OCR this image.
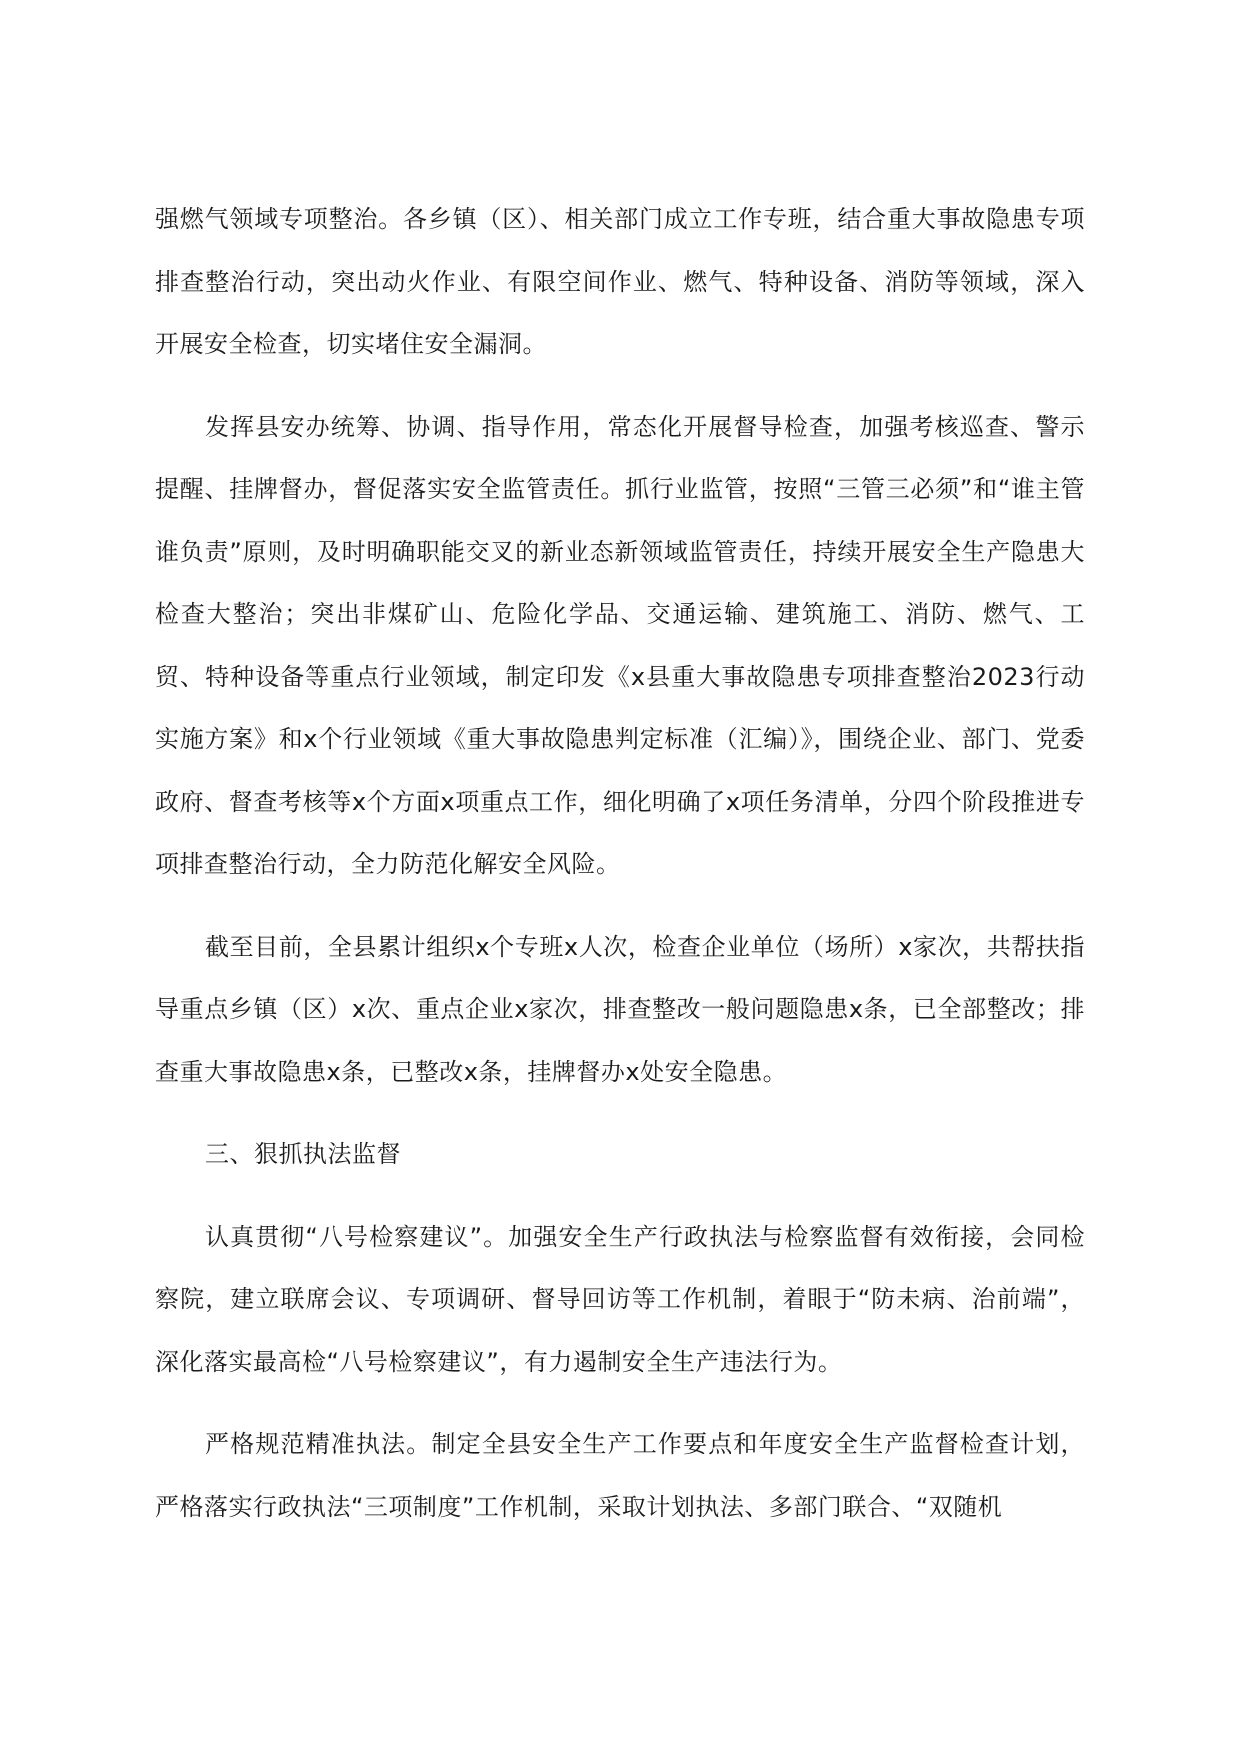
强燃气领域专项整治。各乡镇（区）、相关部门成立工作专班，结合重大事故隐患专项排查整治行动，突出动火作业、有限空间作业、燃气、特种设备、消防等领域，深入开展安全检查，切实堵住安全漏洞。

发挥县安办统筹、协调、指导作用，常态化开展督导检查，加强考核巡查、警示提醒、挂牌督办，督促落实安全监管责任。抓行业监管，按照“三管三必须”和“谁主管谁负责”原则，及时明确职能交叉的新业态新领域监管责任，持续开展安全生产隐患大检查大整治；突出非煤矿山、危险化学品、交通运输、建筑施工、消防、燃气、工贸、特种设备等重点行业领域，制定印发《x县重大事故隐患专项排查整治2023行动实施方案》和x个行业领域《重大事故隐患判定标准（汇编）》，围绕企业、部门、党委政府、督查考核等x个方面x项重点工作，细化明确了x项任务清单，分四个阶段推进专项排查整治行动，全力防范化解安全风险。

截至目前，全县累计组织x个专班x人次，检查企业单位（场所）x家次，共帮扶指导重点乡镇（区）x次、重点企业x家次，排查整改一般问题隐患x条，已全部整改；排查重大事故隐患x条，已整改x条，挂牌督办x处安全隐患。

三、狠抓执法监督

认真贯彻“八号检察建议”。加强安全生产行政执法与检察监督有效衔接，会同检察院，建立联席会议、专项调研、督导回访等工作机制，着眼于“防未病、治前端”，深化落实最高检“八号检察建议”，有力遏制安全生产违法行为。

严格规范精准执法。制定全县安全生产工作要点和年度安全生产监督检查计划，严格落实行政执法“三项制度”工作机制，采取计划执法、多部门联合、“双随机
